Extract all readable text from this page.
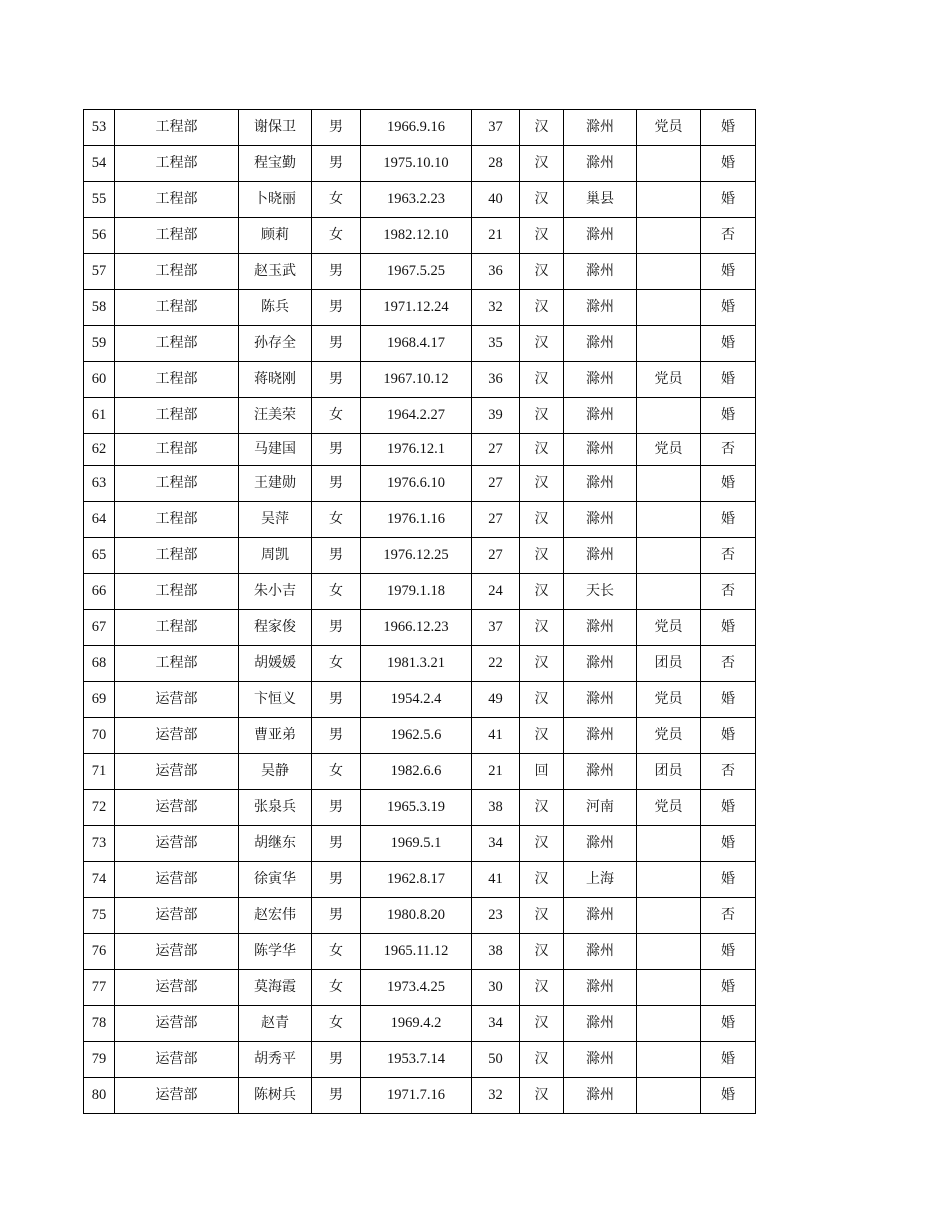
53	工程部	谢保卫	男	1966.9.16	37	汉	滁州	党员	婚
54	工程部	程宝勤	男	1975.10.10	28	汉	滁州		婚
55	工程部	卜晓丽	女	1963.2.23	40	汉	巢县		婚
56	工程部	顾莉	女	1982.12.10	21	汉	滁州		否
57	工程部	赵玉武	男	1967.5.25	36	汉	滁州		婚
58	工程部	陈兵	男	1971.12.24	32	汉	滁州		婚
59	工程部	孙存全	男	1968.4.17	35	汉	滁州		婚
60	工程部	蒋晓刚	男	1967.10.12	36	汉	滁州	党员	婚
61	工程部	汪美荣	女	1964.2.27	39	汉	滁州		婚
62	工程部	马建国	男	1976.12.1	27	汉	滁州	党员	否
63	工程部	王建勋	男	1976.6.10	27	汉	滁州		婚
64	工程部	吴萍	女	1976.1.16	27	汉	滁州		婚
65	工程部	周凯	男	1976.12.25	27	汉	滁州		否
66	工程部	朱小吉	女	1979.1.18	24	汉	天长		否
67	工程部	程家俊	男	1966.12.23	37	汉	滁州	党员	婚
68	工程部	胡媛媛	女	1981.3.21	22	汉	滁州	团员	否
69	运营部	卞恒义	男	1954.2.4	49	汉	滁州	党员	婚
70	运营部	曹亚弟	男	1962.5.6	41	汉	滁州	党员	婚
71	运营部	吴静	女	1982.6.6	21	回	滁州	团员	否
72	运营部	张泉兵	男	1965.3.19	38	汉	河南	党员	婚
73	运营部	胡继东	男	1969.5.1	34	汉	滁州		婚
74	运营部	徐寅华	男	1962.8.17	41	汉	上海		婚
75	运营部	赵宏伟	男	1980.8.20	23	汉	滁州		否
76	运营部	陈学华	女	1965.11.12	38	汉	滁州		婚
77	运营部	莫海霞	女	1973.4.25	30	汉	滁州		婚
78	运营部	赵青	女	1969.4.2	34	汉	滁州		婚
79	运营部	胡秀平	男	1953.7.14	50	汉	滁州		婚
80	运营部	陈树兵	男	1971.7.16	32	汉	滁州		婚
